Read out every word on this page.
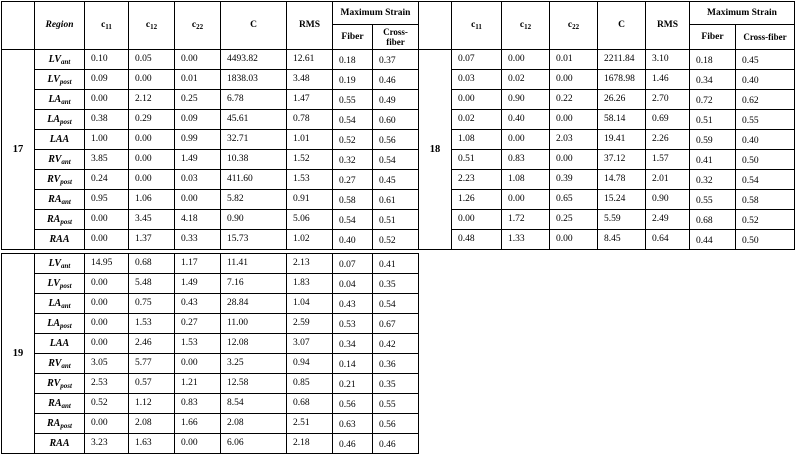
	Region	$c_{11}$	$c_{12}$	$c_{22}$	C	RMS	Maximum Strain	
							Fiber	Cross-fiber
17	$LV_{ant}$	0.10	0.05	0.00	4493.82	12.61	0.18	0.37
	$LV_{post}$	0.09	0.00	0.01	1838.03	3.48	0.19	0.46
	$LA_{ant}$	0.00	2.12	0.25	6.78	1.47	0.55	0.49
	$LA_{post}$	0.38	0.29	0.09	45.61	0.78	0.54	0.60
	LAA	1.00	0.00	0.99	32.71	1.01	0.52	0.56
	$RV_{ant}$	3.85	0.00	1.49	10.38	1.52	0.32	0.54
	$RV_{post}$	0.24	0.00	0.03	411.60	1.53	0.27	0.45
	$RA_{ant}$	0.95	1.06	0.00	5.82	0.91	0.58	0.61
	$RA_{post}$	0.00	3.45	4.18	0.90	5.06	0.54	0.51
	RAA	0.00	1.37	0.33	15.73	1.02	0.40	0.52
	$c_{11}$	$c_{12}$	$c_{22}$	C	RMS	Maximum Strain	
						Fiber	Cross-fiber
18	0.07	0.00	0.01	2211.84	3.10	0.18	0.45
	0.03	0.02	0.00	1678.98	1.46	0.34	0.40
	0.00	0.90	0.22	26.26	2.70	0.72	0.62
	0.02	0.40	0.00	58.14	0.69	0.51	0.55
	1.08	0.00	2.03	19.41	2.26	0.59	0.40
	0.51	0.83	0.00	37.12	1.57	0.41	0.50
	2.23	1.08	0.39	14.78	2.01	0.32	0.54
	1.26	0.00	0.65	15.24	0.90	0.55	0.58
	0.00	1.72	0.25	5.59	2.49	0.68	0.52
	0.48	1.33	0.00	8.45	0.64	0.44	0.50
19	$LV_{ant}$	14.95	0.68	1.17	11.41	2.13	0.07	0.41
	$LV_{post}$	0.00	5.48	1.49	7.16	1.83	0.04	0.35
	$LA_{ant}$	0.00	0.75	0.43	28.84	1.04	0.43	0.54
	$LA_{post}$	0.00	1.53	0.27	11.00	2.59	0.53	0.67
	LAA	0.00	2.46	1.53	12.08	3.07	0.34	0.42
	$RV_{ant}$	3.05	5.77	0.00	3.25	0.94	0.14	0.36
	$RV_{post}$	2.53	0.57	1.21	12.58	0.85	0.21	0.35
	$RA_{ant}$	0.52	1.12	0.83	8.54	0.68	0.56	0.55
	$RA_{post}$	0.00	2.08	1.66	2.08	2.51	0.63	0.56
	RAA	3.23	1.63	0.00	6.06	2.18	0.46	0.46
